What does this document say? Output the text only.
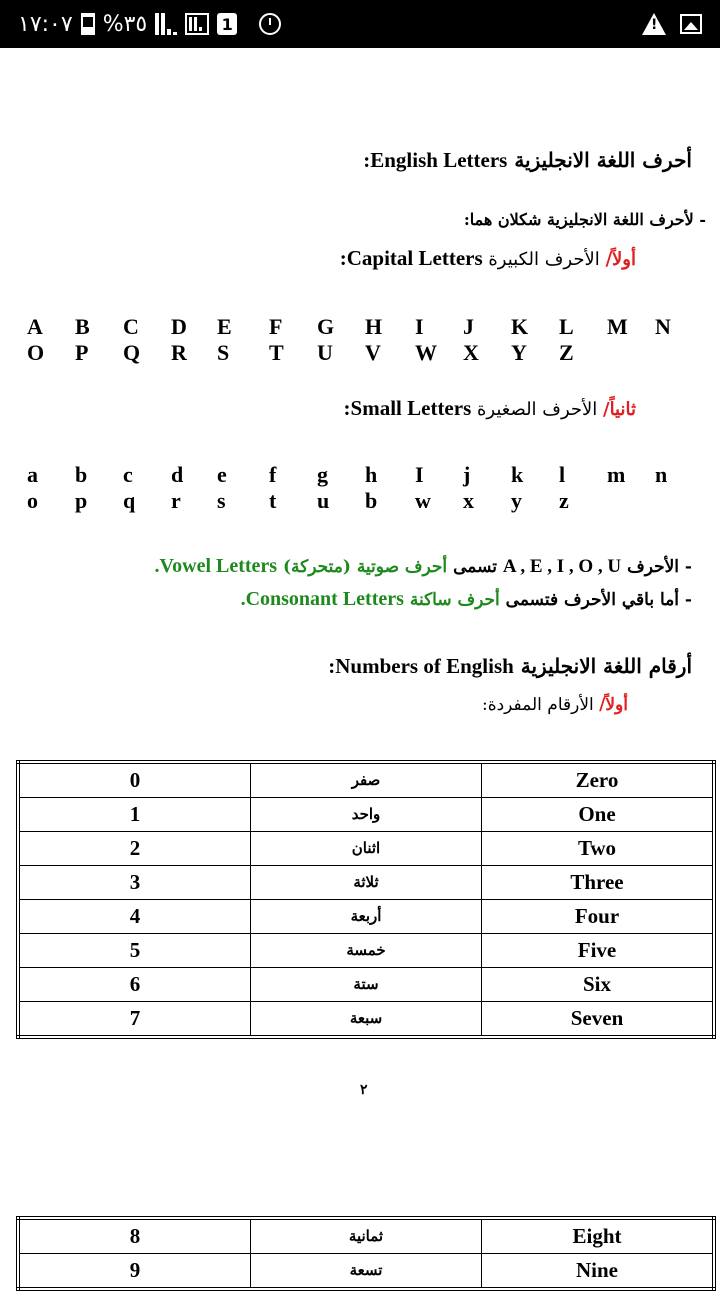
١٧:٠٧ %٣٥	1
!
أحرف اللغة الانجليزية English Letters:
- لأحرف اللغة الانجليزية شكلان هما:
أولاً/ الأحرف الكبيرة Capital Letters:
A	B	C	D	E	F	G	H	I	J	K	L	M	N
O	P	Q	R	S	T	U	V	W	X	Y	Z
ثانياً/ الأحرف الصغيرة Small Letters:
a	b	c	d	e	f	g	h	I	j	k	l	m	n
o	p	q	r	s	t	u	b	w	x	y	z
- الأحرف A , E , I , O , U تسمى أحرف صوتية (متحركة) Vowel Letters.
- أما باقي الأحرف فتسمى أحرف ساكنة Consonant Letters.
أرقام اللغة الانجليزية Numbers of English:
أولاً/ الأرقام المفردة:
0	صفر	Zero
1	واحد	One
2	اثنان	Two
3	ثلاثة	Three
4	أربعة	Four
5	خمسة	Five
6	ستة	Six
7	سبعة	Seven
٢
8	ثمانية	Eight
9	تسعة	Nine
